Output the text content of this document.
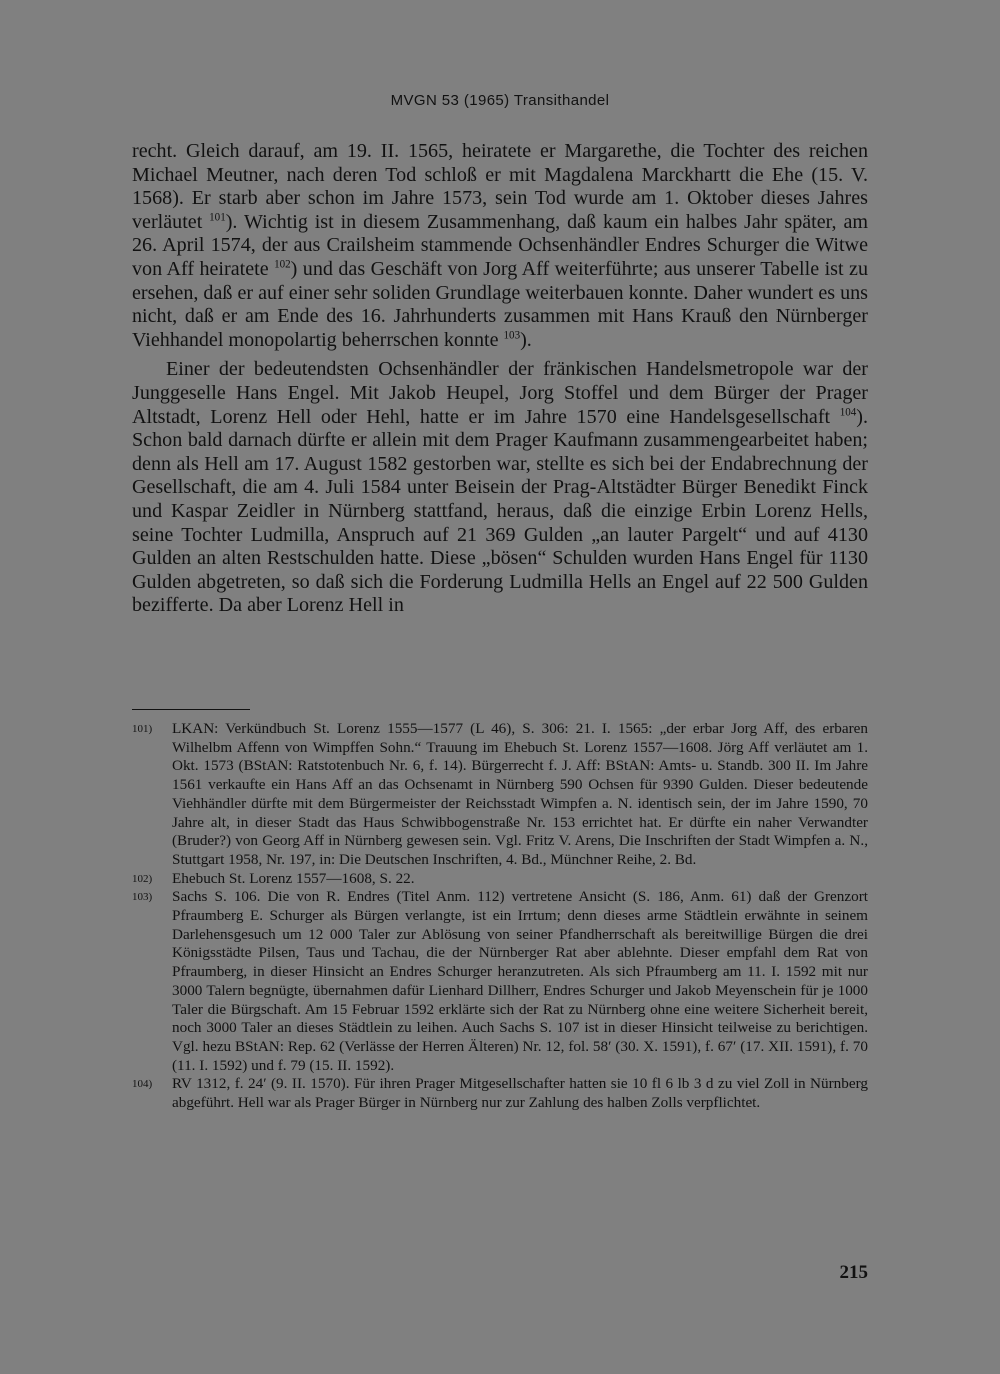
MVGN 53 (1965) Transithandel

recht. Gleich darauf, am 19. II. 1565, heiratete er Margarethe, die Tochter des reichen Michael Meutner, nach deren Tod schloß er mit Magdalena Marckhartt die Ehe (15. V. 1568). Er starb aber schon im Jahre 1573, sein Tod wurde am 1. Oktober dieses Jahres verläutet $^{101}$). Wichtig ist in diesem Zusammenhang, daß kaum ein halbes Jahr später, am 26. April 1574, der aus Crailsheim stammende Ochsenhändler Endres Schurger die Witwe von Aff heiratete $^{102}$) und das Geschäft von Jorg Aff weiterführte; aus unserer Tabelle ist zu ersehen, daß er auf einer sehr soliden Grundlage weiterbauen konnte. Daher wundert es uns nicht, daß er am Ende des 16. Jahrhunderts zusammen mit Hans Krauß den Nürnberger Viehhandel monopolartig beherrschen konnte $^{103}$).

Einer der bedeutendsten Ochsenhändler der fränkischen Handelsmetropole war der Junggeselle Hans Engel. Mit Jakob Heupel, Jorg Stoffel und dem Bürger der Prager Altstadt, Lorenz Hell oder Hehl, hatte er im Jahre 1570 eine Handelsgesellschaft $^{104}$). Schon bald darnach dürfte er allein mit dem Prager Kaufmann zusammengearbeitet haben; denn als Hell am 17. August 1582 gestorben war, stellte es sich bei der Endabrechnung der Gesellschaft, die am 4. Juli 1584 unter Beisein der Prag-Altstädter Bürger Benedikt Finck und Kaspar Zeidler in Nürnberg stattfand, heraus, daß die einzige Erbin Lorenz Hells, seine Tochter Ludmilla, Anspruch auf 21 369 Gulden „an lauter Pargelt“ und auf 4130 Gulden an alten Restschulden hatte. Diese „bösen“ Schulden wurden Hans Engel für 1130 Gulden abgetreten, so daß sich die Forderung Ludmilla Hells an Engel auf 22 500 Gulden bezifferte. Da aber Lorenz Hell in

101)	LKAN: Verkündbuch St. Lorenz 1555—1577 (L 46), S. 306: 21. I. 1565: „der erbar Jorg Aff, des erbaren Wilhelbm Affenn von Wimpffen Sohn.“ Trauung im Ehebuch St. Lorenz 1557—1608. Jörg Aff verläutet am 1. Okt. 1573 (BStAN: Ratstotenbuch Nr. 6, f. 14). Bürgerrecht f. J. Aff: BStAN: Amts- u. Standb. 300 II. Im Jahre 1561 verkaufte ein Hans Aff an das Ochsenamt in Nürnberg 590 Ochsen für 9390 Gulden. Dieser bedeutende Viehhändler dürfte mit dem Bürgermeister der Reichsstadt Wimpfen a. N. identisch sein, der im Jahre 1590, 70 Jahre alt, in dieser Stadt das Haus Schwibbogenstraße Nr. 153 errichtet hat. Er dürfte ein naher Verwandter (Bruder?) von Georg Aff in Nürnberg gewesen sein. Vgl. Fritz V. Arens, Die Inschriften der Stadt Wimpfen a. N., Stuttgart 1958, Nr. 197, in: Die Deutschen Inschriften, 4. Bd., Münchner Reihe, 2. Bd.
102)	Ehebuch St. Lorenz 1557—1608, S. 22.
103)	Sachs S. 106. Die von R. Endres (Titel Anm. 112) vertretene Ansicht (S. 186, Anm. 61) daß der Grenzort Pfraumberg E. Schurger als Bürgen verlangte, ist ein Irrtum; denn dieses arme Städtlein erwähnte in seinem Darlehensgesuch um 12 000 Taler zur Ablösung von seiner Pfandherrschaft als bereitwillige Bürgen die drei Königsstädte Pilsen, Taus und Tachau, die der Nürnberger Rat aber ablehnte. Dieser empfahl dem Rat von Pfraumberg, in dieser Hinsicht an Endres Schurger heranzutreten. Als sich Pfraumberg am 11. I. 1592 mit nur 3000 Talern begnügte, übernahmen dafür Lienhard Dillherr, Endres Schurger und Jakob Meyenschein für je 1000 Taler die Bürgschaft. Am 15 Februar 1592 erklärte sich der Rat zu Nürnberg ohne eine weitere Sicherheit bereit, noch 3000 Taler an dieses Städtlein zu leihen. Auch Sachs S. 107 ist in dieser Hinsicht teilweise zu berichtigen. Vgl. hezu BStAN: Rep. 62 (Verlässe der Herren Älteren) Nr. 12, fol. 58′ (30. X. 1591), f. 67′ (17. XII. 1591), f. 70 (11. I. 1592) und f. 79 (15. II. 1592).
104)	RV 1312, f. 24′ (9. II. 1570). Für ihren Prager Mitgesellschafter hatten sie 10 fl 6 lb 3 d zu viel Zoll in Nürnberg abgeführt. Hell war als Prager Bürger in Nürnberg nur zur Zahlung des halben Zolls verpflichtet.
215
